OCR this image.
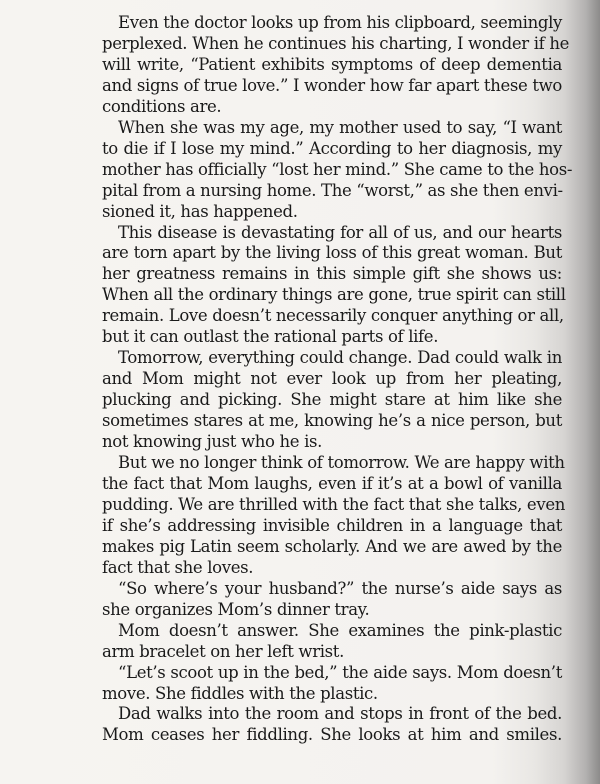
Even the doctor looks up from his clipboard, seemingly
perplexed. When he continues his charting, I wonder if he
will write, “Patient exhibits symptoms of deep dementia
and signs of true love.” I wonder how far apart these two
conditions are.

When she was my age, my mother used to say, “I want
to die if I lose my mind.” According to her diagnosis, my
mother has officially “lost her mind.” She came to the hos-
pital from a nursing home. The “worst,” as she then envi-
sioned it, has happened.

This disease is devastating for all of us, and our hearts
are torn apart by the living loss of this great woman. But
her greatness remains in this simple gift she shows us:
When all the ordinary things are gone, true spirit can still
remain. Love doesn’t necessarily conquer anything or all,
but it can outlast the rational parts of life.

Tomorrow, everything could change. Dad could walk in
and Mom might not ever look up from her pleating,
plucking and picking. She might stare at him like she
sometimes stares at me, knowing he’s a nice person, but
not knowing just who he is.

But we no longer think of tomorrow. We are happy with
the fact that Mom laughs, even if it’s at a bowl of vanilla
pudding. We are thrilled with the fact that she talks, even
if she’s addressing invisible children in a language that
makes pig Latin seem scholarly. And we are awed by the
fact that she loves.

“So where’s your husband?” the nurse’s aide says as
she organizes Mom’s dinner tray.

Mom doesn’t answer. She examines the pink-plastic
arm bracelet on her left wrist.

“Let’s scoot up in the bed,” the aide says. Mom doesn’t
move. She fiddles with the plastic.

Dad walks into the room and stops in front of the bed.
Mom ceases her fiddling. She looks at him and smiles.
